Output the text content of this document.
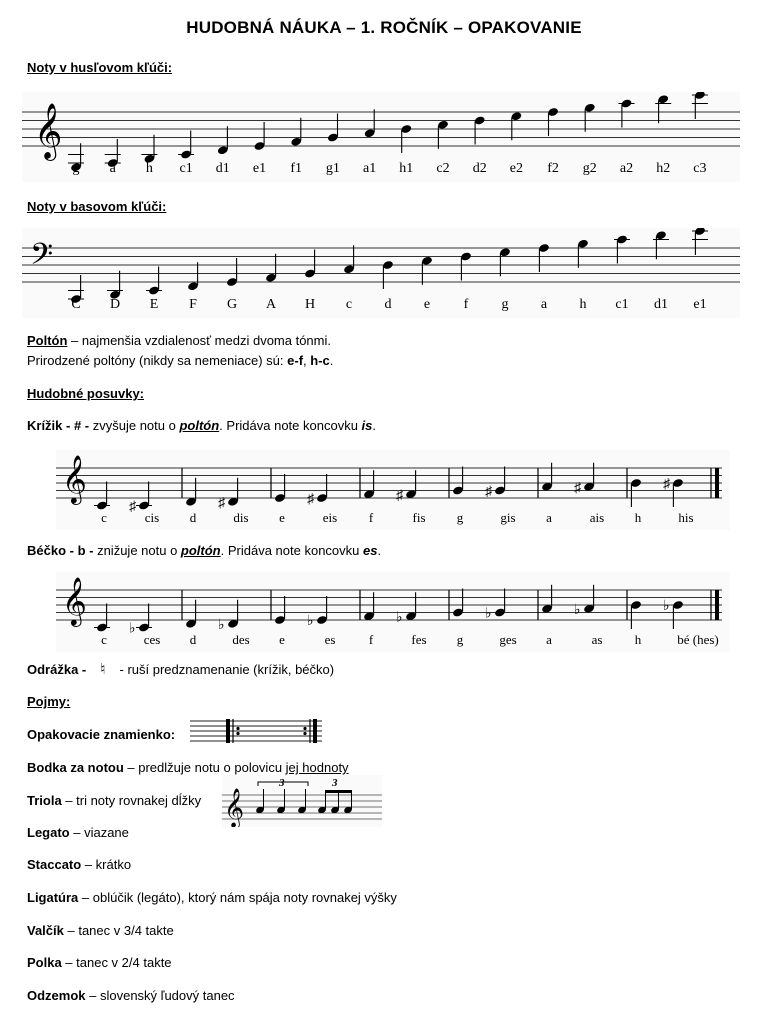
HUDOBNÁ NÁUKA – 1. ROČNÍK – OPAKOVANIE
Noty v husľovom kľúči:
𝄞
g a h c1 d1 e1 f1 g1 a1 h1 c2 d2 e2 f2 g2 a2 h2 c3
Noty v basovom kľúči:
𝄢
C D E F G A H c d e f g a h c1 d1 e1
Poltón – najmenšia vzdialenosť medzi dvoma tónmi.
Prirodzené poltóny (nikdy sa nemeniace) sú: e-f, h-c.
Hudobné posuvky:
Krížik - # - zvyšuje notu o poltón. Pridáva note koncovku is.
𝄞
♯	♯	♯	♯	♯	♯	♯
c	cis d	dis e	eis f	fis g	gis a	ais h	his
Béčko - b - znižuje notu o poltón. Pridáva note koncovku es.
𝄞
♭	♭	♭	♭	♭	♭	♭
c	ces d	des e	es	f	fes g	ges a	as h	bé (hes)
Odrážka - ♮ - ruší predznamenanie (krížik, béčko)
Pojmy:
Opakovacie znamienko:
Bodka za notou – predlžuje notu o polovicu jej hodnoty
Triola – tri noty rovnakej dĺžky 𝄞
3	3
Legato – viazane
Staccato – krátko
Ligatúra – oblúčik (legáto), ktorý nám spája noty rovnakej výšky
Valčík – tanec v 3/4 takte
Polka – tanec v 2/4 takte
Odzemok – slovenský ľudový tanec
